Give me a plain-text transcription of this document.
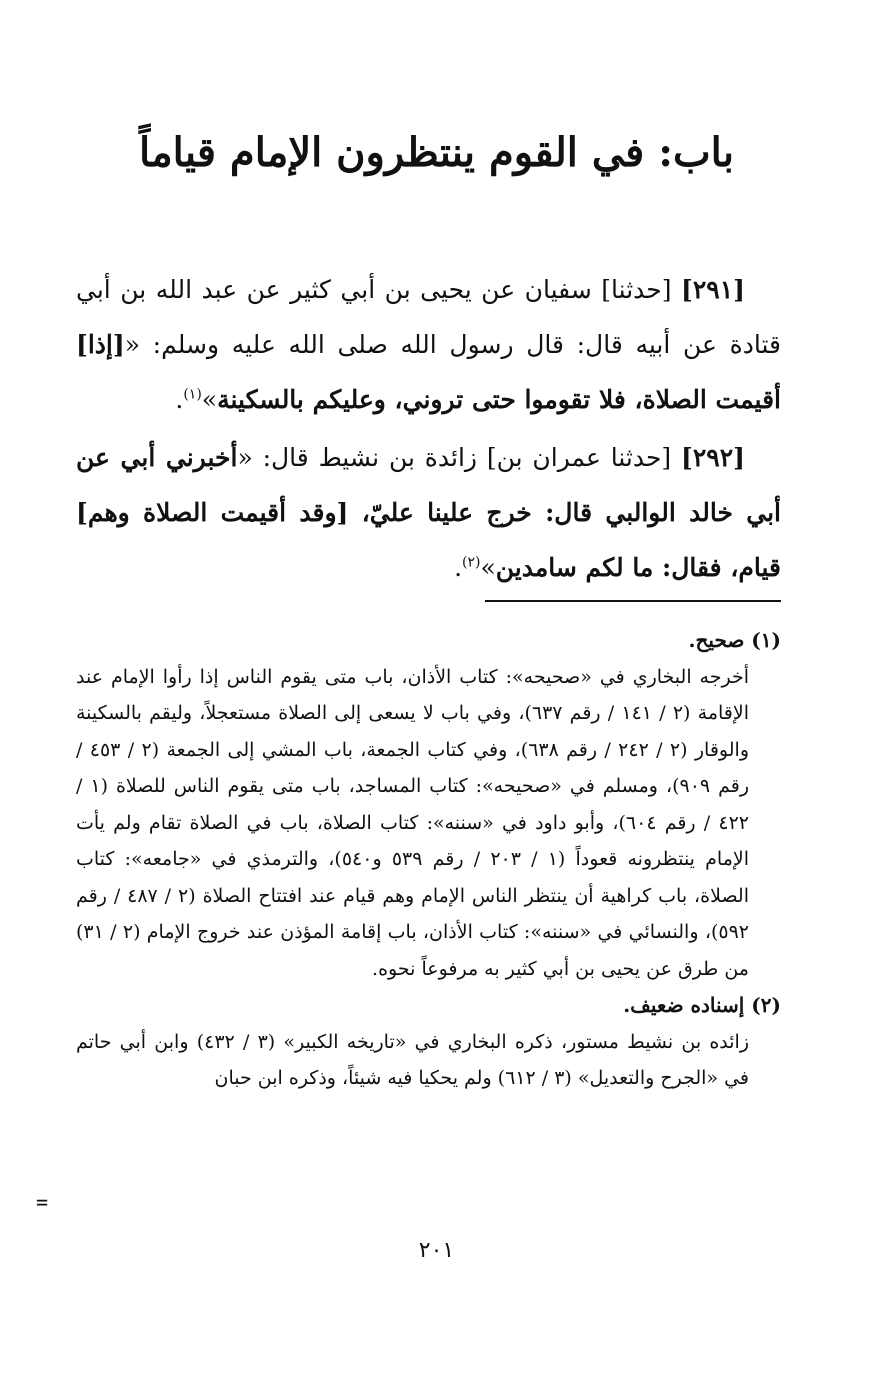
باب: في القوم ينتظرون الإمام قياماً

[٢٩١] [حدثنا] سفيان عن يحيى بن أبي كثير عن عبد الله بن أبي قتادة عن أبيه قال: قال رسول الله صلى الله عليه وسلم: «[إذا] أقيمت الصلاة، فلا تقوموا حتى تروني، وعليكم بالسكينة»$^{(١)}$.

[٢٩٢] [حدثنا عمران بن] زائدة بن نشيط قال: «أخبرني أبي عن أبي خالد الوالبي قال: خرج علينا عليّ، [وقد أقيمت الصلاة وهم] قيام، فقال: ما لكم سامدين»$^{(٢)}$.

(١) صحيح.
أخرجه البخاري في «صحيحه»: كتاب الأذان، باب متى يقوم الناس إذا رأوا الإمام عند الإقامة (٢ / ١٤١ / رقم ٦٣٧)، وفي باب لا يسعى إلى الصلاة مستعجلاً، وليقم بالسكينة والوقار (٢ / ٢٤٢ / رقم ٦٣٨)، وفي كتاب الجمعة، باب المشي إلى الجمعة (٢ / ٤٥٣ / رقم ٩٠٩)، ومسلم في «صحيحه»: كتاب المساجد، باب متى يقوم الناس للصلاة (١ / ٤٢٢ / رقم ٦٠٤)، وأبو داود في «سننه»: كتاب الصلاة، باب في الصلاة تقام ولم يأت الإمام ينتظرونه قعوداً (١ / ٢٠٣ / رقم ٥٣٩ و٥٤٠)، والترمذي في «جامعه»: كتاب الصلاة، باب كراهية أن ينتظر الناس الإمام وهم قيام عند افتتاح الصلاة (٢ / ٤٨٧ / رقم ٥٩٢)، والنسائي في «سننه»: كتاب الأذان، باب إقامة المؤذن عند خروج الإمام (٢ / ٣١) من طرق عن يحيى بن أبي كثير به مرفوعاً نحوه.
(٢) إسناده ضعيف.
زائده بن نشيط مستور، ذكره البخاري في «تاريخه الكبير» (٣ / ٤٣٢) وابن أبي حاتم في «الجرح والتعديل» (٣ / ٦١٢) ولم يحكيا فيه شيئاً، وذكره ابن حبان
=
٢٠١
